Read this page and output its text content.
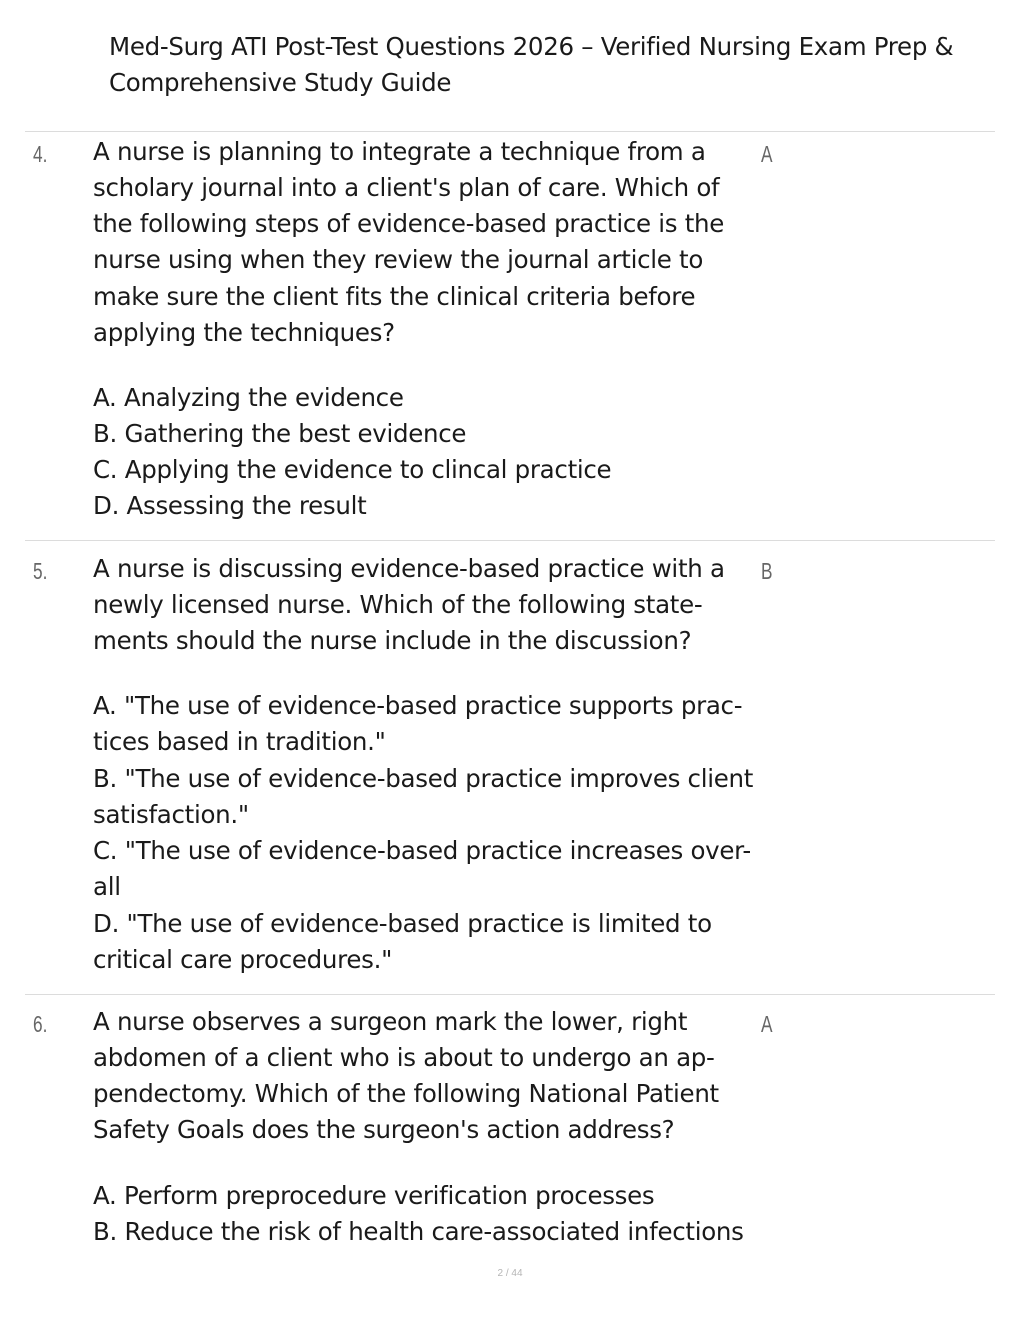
Med-Surg ATI Post-Test Questions 2026 – Verified Nursing Exam Prep &
Comprehensive Study Guide
4.	A
A nurse is planning to integrate a technique from a
scholary journal into a client's plan of care. Which of
the following steps of evidence-based practice is the
nurse using when they review the journal article to
make sure the client fits the clinical criteria before
applying the techniques?
A. Analyzing the evidence
B. Gathering the best evidence
C. Applying the evidence to clincal practice
D. Assessing the result
5.	B
A nurse is discussing evidence-based practice with a
newly licensed nurse. Which of the following state-
ments should the nurse include in the discussion?
A. "The use of evidence-based practice supports prac-
tices based in tradition."
B. "The use of evidence-based practice improves client
satisfaction."
C. "The use of evidence-based practice increases over-
all
D. "The use of evidence-based practice is limited to
critical care procedures."
6.	A
A nurse observes a surgeon mark the lower, right
abdomen of a client who is about to undergo an ap-
pendectomy. Which of the following National Patient
Safety Goals does the surgeon's action address?
A. Perform preprocedure verification processes
B. Reduce the risk of health care-associated infections
2 / 44
